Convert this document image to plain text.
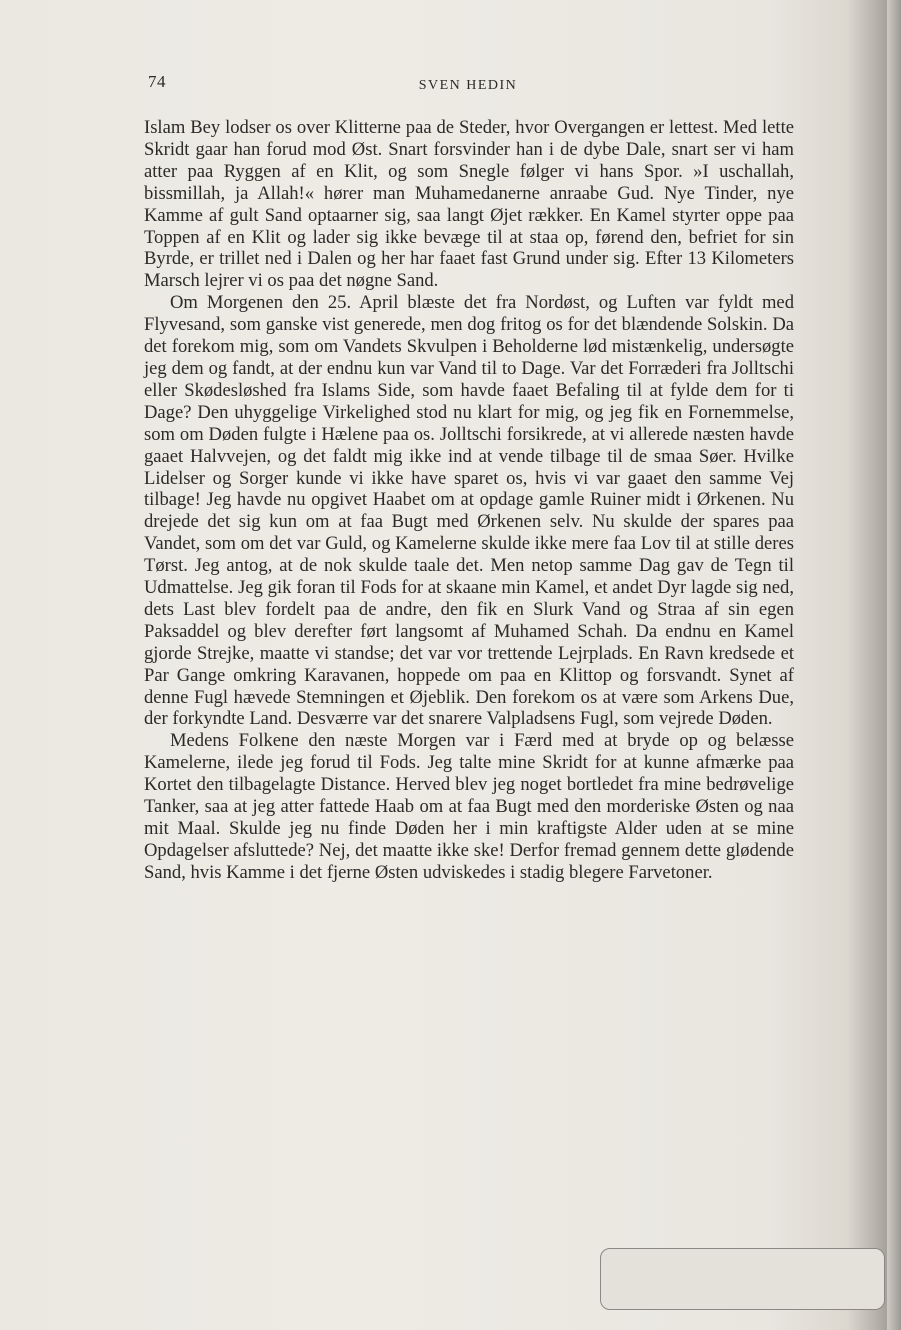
74	SVEN HEDIN

Islam Bey lodser os over Klitterne paa de Steder, hvor Overgangen er lettest. Med lette Skridt gaar han forud mod Øst. Snart forsvinder han i de dybe Dale, snart ser vi ham atter paa Ryggen af en Klit, og som Snegle følger vi hans Spor. »I uschallah, bissmillah, ja Allah!« hører man Muhamedanerne anraabe Gud. Nye Tinder, nye Kamme af gult Sand optaarner sig, saa langt Øjet rækker. En Kamel styrter oppe paa Toppen af en Klit og lader sig ikke bevæge til at staa op, førend den, befriet for sin Byrde, er trillet ned i Dalen og her har faaet fast Grund under sig. Efter 13 Kilometers Marsch lejrer vi os paa det nøgne Sand.

Om Morgenen den 25. April blæste det fra Nordøst, og Luften var fyldt med Flyvesand, som ganske vist generede, men dog fritog os for det blændende Solskin. Da det forekom mig, som om Vandets Skvulpen i Beholderne lød mistænkelig, undersøgte jeg dem og fandt, at der endnu kun var Vand til to Dage. Var det Forræderi fra Jolltschi eller Skødesløshed fra Islams Side, som havde faaet Befaling til at fylde dem for ti Dage? Den uhyggelige Virkelighed stod nu klart for mig, og jeg fik en Fornemmelse, som om Døden fulgte i Hælene paa os. Jolltschi forsikrede, at vi allerede næsten havde gaaet Halvvejen, og det faldt mig ikke ind at vende tilbage til de smaa Søer. Hvilke Lidelser og Sorger kunde vi ikke have sparet os, hvis vi var gaaet den samme Vej tilbage! Jeg havde nu opgivet Haabet om at opdage gamle Ruiner midt i Ørkenen. Nu drejede det sig kun om at faa Bugt med Ørkenen selv. Nu skulde der spares paa Vandet, som om det var Guld, og Kamelerne skulde ikke mere faa Lov til at stille deres Tørst. Jeg antog, at de nok skulde taale det. Men netop samme Dag gav de Tegn til Udmattelse. Jeg gik foran til Fods for at skaane min Kamel, et andet Dyr lagde sig ned, dets Last blev fordelt paa de andre, den fik en Slurk Vand og Straa af sin egen Paksaddel og blev derefter ført langsomt af Muhamed Schah. Da endnu en Kamel gjorde Strejke, maatte vi standse; det var vor trettende Lejrplads. En Ravn kredsede et Par Gange omkring Karavanen, hoppede om paa en Klittop og forsvandt. Synet af denne Fugl hævede Stemningen et Øjeblik. Den forekom os at være som Arkens Due, der forkyndte Land. Desværre var det snarere Valpladsens Fugl, som vejrede Døden.

Medens Folkene den næste Morgen var i Færd med at bryde op og belæsse Kamelerne, ilede jeg forud til Fods. Jeg talte mine Skridt for at kunne afmærke paa Kortet den tilbagelagte Distance. Herved blev jeg noget bortledet fra mine bedrøvelige Tanker, saa at jeg atter fattede Haab om at faa Bugt med den morderiske Østen og naa mit Maal. Skulde jeg nu finde Døden her i min kraftigste Alder uden at se mine Opdagelser afsluttede? Nej, det maatte ikke ske! Derfor fremad gennem dette glødende Sand, hvis Kamme i det fjerne Østen udviskedes i stadig blegere Farvetoner.
